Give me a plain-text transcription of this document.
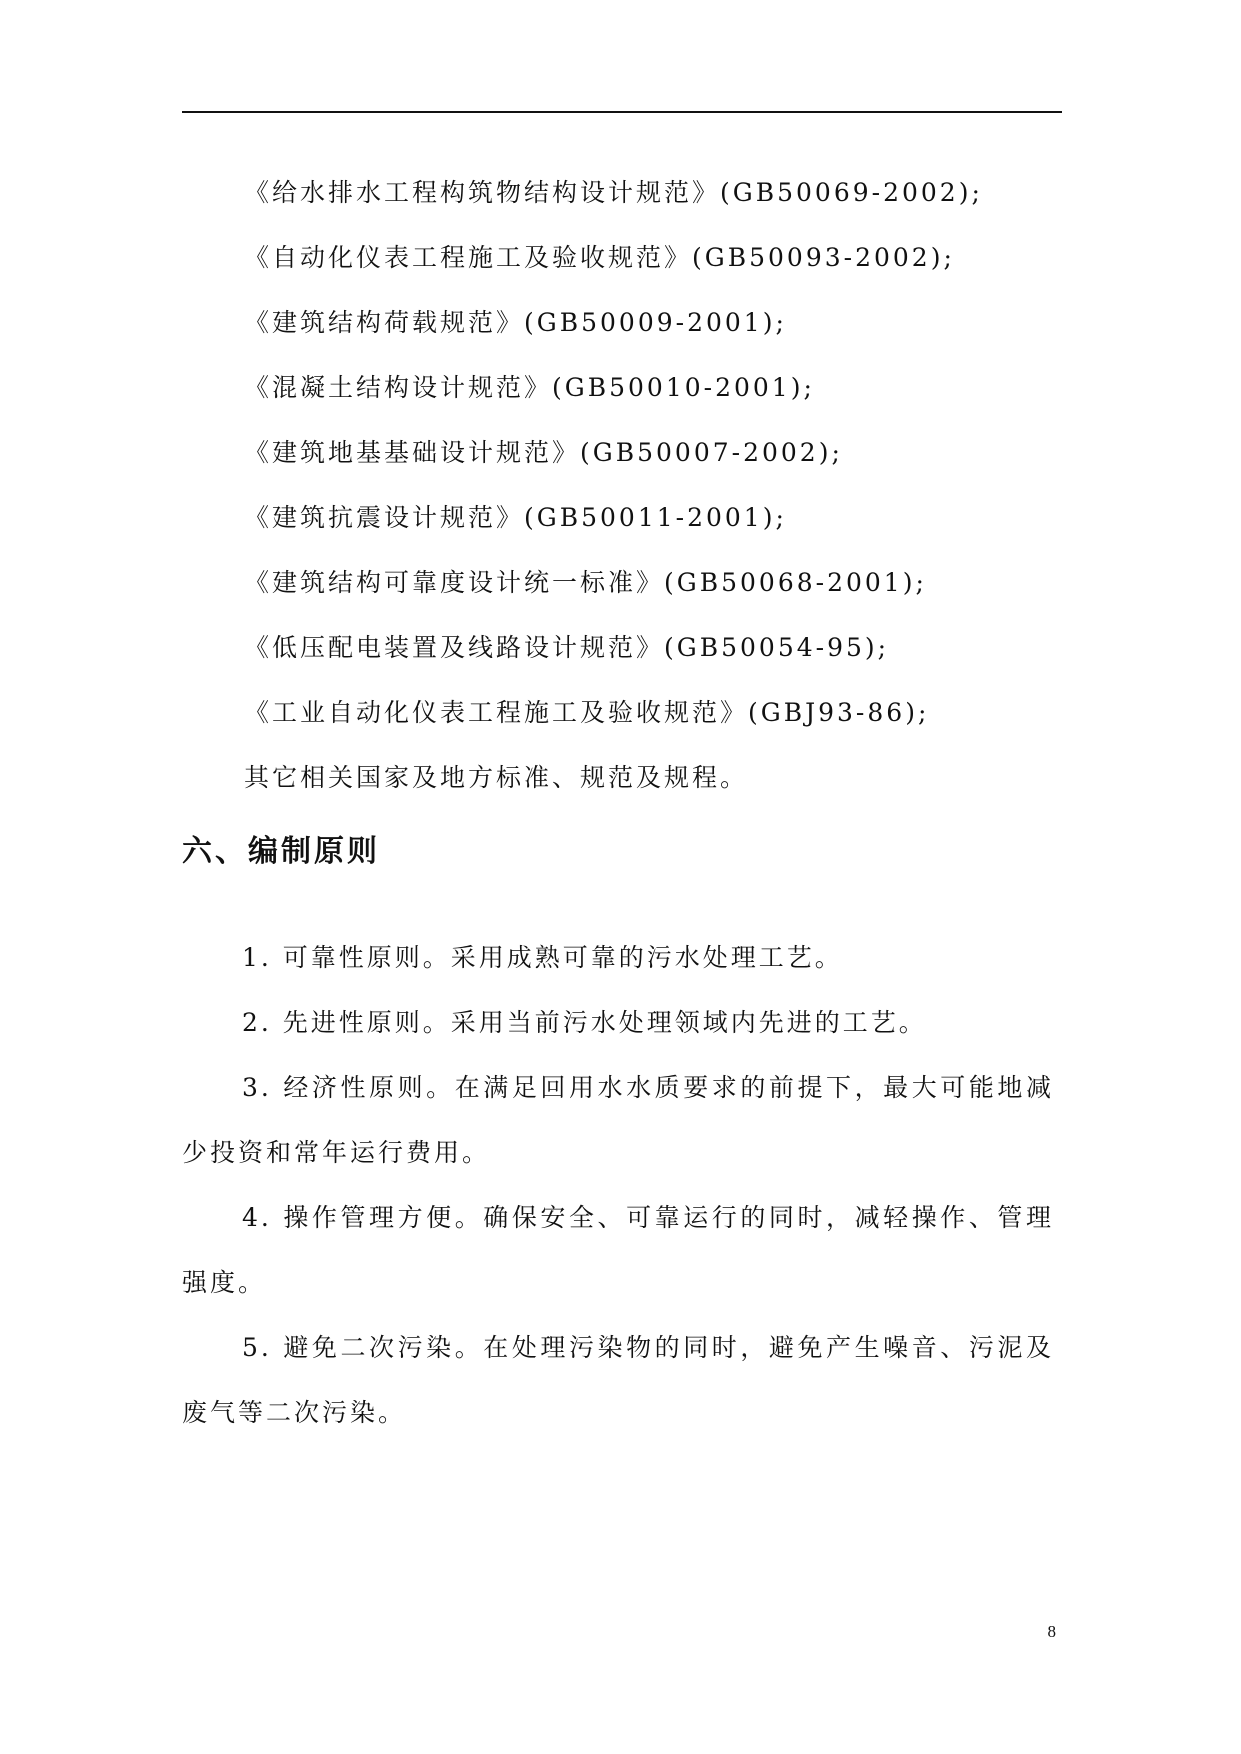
《给水排水工程构筑物结构设计规范》(GB50069-2002);
《自动化仪表工程施工及验收规范》(GB50093-2002);
《建筑结构荷载规范》(GB50009-2001);
《混凝土结构设计规范》(GB50010-2001);
《建筑地基基础设计规范》(GB50007-2002);
《建筑抗震设计规范》(GB50011-2001);
《建筑结构可靠度设计统一标准》(GB50068-2001);
《低压配电装置及线路设计规范》(GB50054-95);
《工业自动化仪表工程施工及验收规范》(GBJ93-86);
其它相关国家及地方标准、规范及规程。
六、编制原则

1. 可靠性原则。采用成熟可靠的污水处理工艺。

2. 先进性原则。采用当前污水处理领域内先进的工艺。

3. 经济性原则。在满足回用水水质要求的前提下，最大可能地减少投资和常年运行费用。

4. 操作管理方便。确保安全、可靠运行的同时，减轻操作、管理强度。

5. 避免二次污染。在处理污染物的同时，避免产生噪音、污泥及废气等二次污染。

8
